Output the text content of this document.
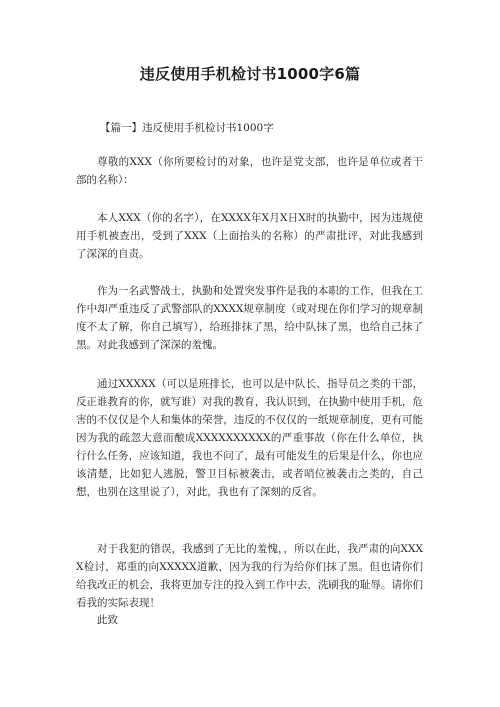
违反使用手机检讨书1000字6篇
【篇一】违反使用手机检讨书1000字
尊敬的XXX（你所要检讨的对象，也许是党支部，也许是单位或者干部的名称）：
本人XXX（你的名字），在XXXX年X月X日X时的执勤中，因为违规使用手机被查出，受到了XXX（上面抬头的名称）的严肃批评，对此我感到了深深的自责。
作为一名武警战士，执勤和处置突发事件是我的本职的工作，但我在工作中却严重违反了武警部队的XXXX规章制度（或对现在你们学习的规章制度不太了解，你自己填写），给班排抹了黑，给中队抹了黑，也给自己抹了黑。对此我感到了深深的羞愧。
通过XXXXX（可以是班排长，也可以是中队长、指导员之类的干部，反正谁教育的你，就写谁）对我的教育，我认识到，在执勤中使用手机，危害的不仅仅是个人和集体的荣誉，违反的不仅仅的一纸规章制度，更有可能因为我的疏忽大意而酿成XXXXXXXXXX的严重事故（你在什么单位，执行什么任务，应该知道，我也不问了，最有可能发生的后果是什么，你也应该清楚，比如犯人逃脱，警卫目标被袭击，或者哨位被袭击之类的，自己想，也别在这里说了），对此，我也有了深刻的反省。
对于我犯的错误，我感到了无比的羞愧，，所以在此，我严肃的向XXXX检讨，郑重的向XXXXX道歉，因为我的行为给你们抹了黑。但也请你们给我改正的机会，我将更加专注的投入到工作中去，洗刷我的耻辱。请你们看我的实际表现！
此致
